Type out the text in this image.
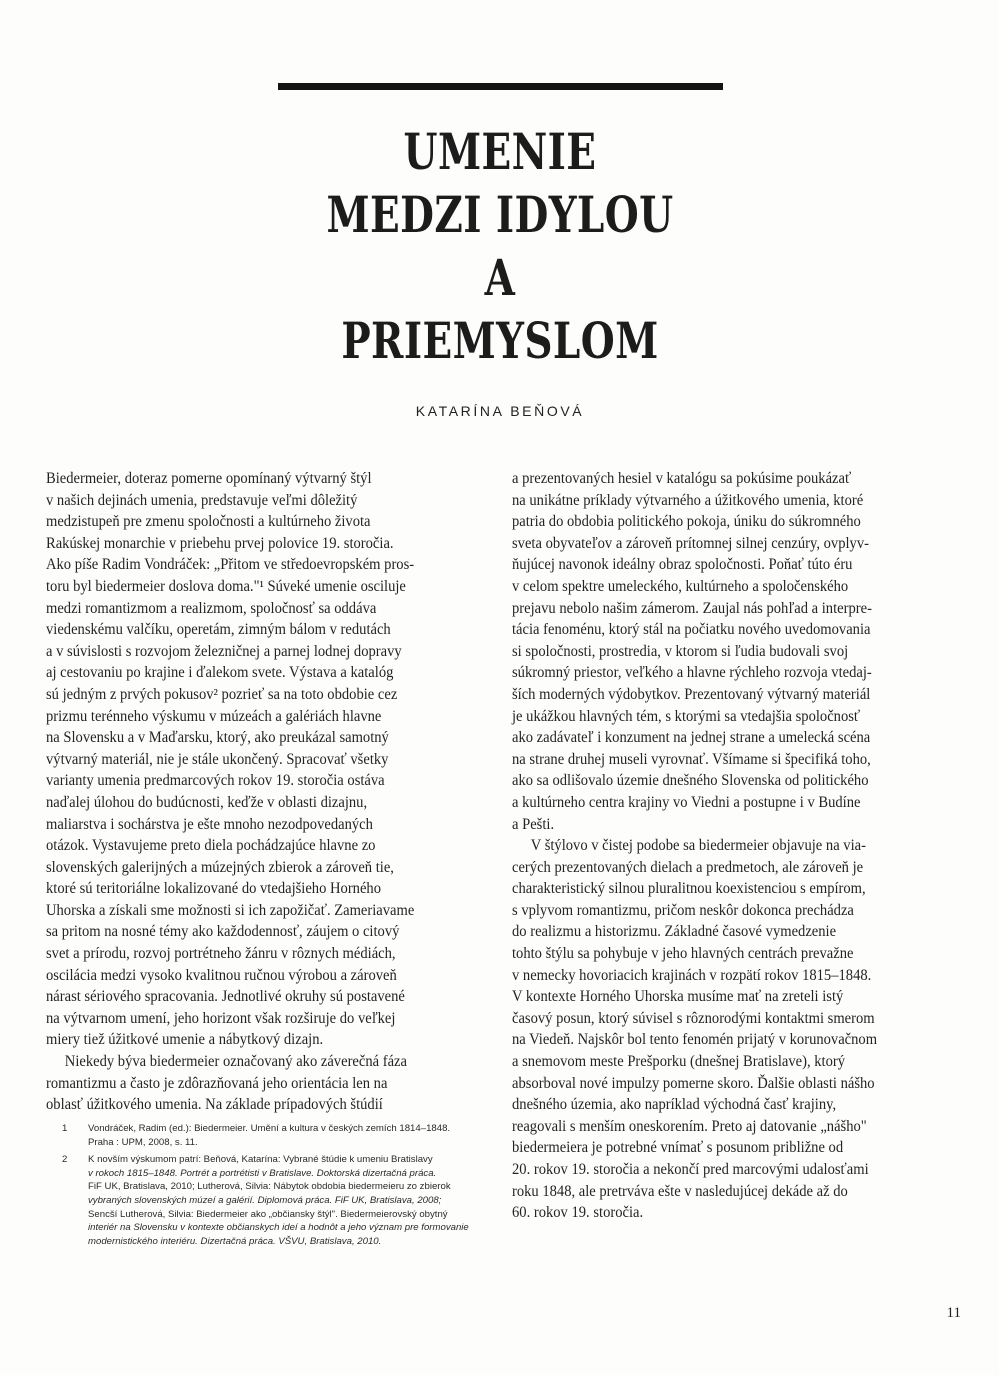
UMENIE
MEDZI IDYLOU
A
PRIEMYSLOM
KATARÍNA BEŇOVÁ
Biedermeier, doteraz pomerne opomínaný výtvarný štýl
v našich dejinách umenia, predstavuje veľmi dôležitý
medzistupeň pre zmenu spoločnosti a kultúrneho života
Rakúskej monarchie v priebehu prvej polovice 19. storočia.
Ako píše Radim Vondráček: „Přitom ve středoevropském pros-
toru byl biedermeier doslova doma."¹ Súveké umenie osciluje
medzi romantizmom a realizmom, spoločnosť sa oddáva
viedenskému valčíku, operetám, zimným bálom v redutách
a v súvislosti s rozvojom železničnej a parnej lodnej dopravy
aj cestovaniu po krajine i ďalekom svete. Výstava a katalóg
sú jedným z prvých pokusov² pozrieť sa na toto obdobie cez
prizmu terénneho výskumu v múzeách a galériách hlavne
na Slovensku a v Maďarsku, ktorý, ako preukázal samotný
výtvarný materiál, nie je stále ukončený. Spracovať všetky
varianty umenia predmarcových rokov 19. storočia ostáva
naďalej úlohou do budúcnosti, keďže v oblasti dizajnu,
maliarstva i sochárstva je ešte mnoho nezodpovedaných
otázok. Vystavujeme preto diela pochádzajúce hlavne zo
slovenských galerijných a múzejných zbierok a zároveň tie,
ktoré sú teritoriálne lokalizované do vtedajšieho Horného
Uhorska a získali sme možnosti si ich zapožičať. Zameriavame
sa pritom na nosné témy ako každodennosť, záujem o citový
svet a prírodu, rozvoj portrétneho žánru v rôznych médiách,
oscilácia medzi vysoko kvalitnou ručnou výrobou a zároveň
nárast sériového spracovania. Jednotlivé okruhy sú postavené
na výtvarnom umení, jeho horizont však rozširuje do veľkej
miery tiež úžitkové umenie a nábytkový dizajn.
Niekedy býva biedermeier označovaný ako záverečná fáza
romantizmu a často je zdôrazňovaná jeho orientácia len na
oblasť úžitkového umenia. Na základe prípadových štúdií
a prezentovaných hesiel v katalógu sa pokúsime poukázať
na unikátne príklady výtvarného a úžitkového umenia, ktoré
patria do obdobia politického pokoja, úniku do súkromného
sveta obyvateľov a zároveň prítomnej silnej cenzúry, ovplyv-
ňujúcej navonok ideálny obraz spoločnosti. Poňať túto éru
v celom spektre umeleckého, kultúrneho a spoločenského
prejavu nebolo našim zámerom. Zaujal nás pohľad a interpre-
tácia fenoménu, ktorý stál na počiatku nového uvedomovania
si spoločnosti, prostredia, v ktorom si ľudia budovali svoj
súkromný priestor, veľkého a hlavne rýchleho rozvoja vtedaj-
ších moderných výdobytkov. Prezentovaný výtvarný materiál
je ukážkou hlavných tém, s ktorými sa vtedajšia spoločnosť
ako zadávateľ i konzument na jednej strane a umelecká scéna
na strane druhej museli vyrovnať. Všímame si špecifiká toho,
ako sa odlišovalo územie dnešného Slovenska od politického
a kultúrneho centra krajiny vo Viedni a postupne i v Budíne
a Pešti.
V štýlovo v čistej podobe sa biedermeier objavuje na via-
cerých prezentovaných dielach a predmetoch, ale zároveň je
charakteristický silnou pluralitnou koexistenciou s empírom,
s vplyvom romantizmu, pričom neskôr dokonca prechádza
do realizmu a historizmu. Základné časové vymedzenie
tohto štýlu sa pohybuje v jeho hlavných centrách prevažne
v nemecky hovoriacich krajinách v rozpätí rokov 1815–1848.
V kontexte Horného Uhorska musíme mať na zreteli istý
časový posun, ktorý súvisel s rôznorodými kontaktmi smerom
na Viedeň. Najskôr bol tento fenomén prijatý v korunovačnom
a snemovom meste Prešporku (dnešnej Bratislave), ktorý
absorboval nové impulzy pomerne skoro. Ďalšie oblasti nášho
dnešného územia, ako napríklad východná časť krajiny,
reagovali s menším oneskorením. Preto aj datovanie „nášho"
biedermeiera je potrebné vnímať s posunom približne od
20. rokov 19. storočia a nekončí pred marcovými udalosťami
roku 1848, ale pretrváva ešte v nasledujúcej dekáde až do
60. rokov 19. storočia.
1 Vondráček, Radim (ed.): Biedermeier. Umění a kultura v českých zemích 1814–1848.
Praha : UPM, 2008, s. 11.
2 K novším výskumom patrí: Beňová, Katarína: Vybrané štúdie k umeniu Bratislavy
v rokoch 1815–1848. Portrét a portrétisti v Bratislave. Doktorská dizertačná práca.
FiF UK, Bratislava, 2010; Lutherová, Silvia: Nábytok obdobia biedermeieru zo zbierok
vybraných slovenských múzeí a galérií. Diplomová práca. FiF UK, Bratislava, 2008;
Sencší Lutherová, Silvia: Biedermeier ako „občiansky štýl". Biedermeierovský obytný
interiér na Slovensku v kontexte občianskych ideí a hodnôt a jeho význam pre formovanie
modernistického interiéru. Dizertačná práca. VŠVU, Bratislava, 2010.
11
